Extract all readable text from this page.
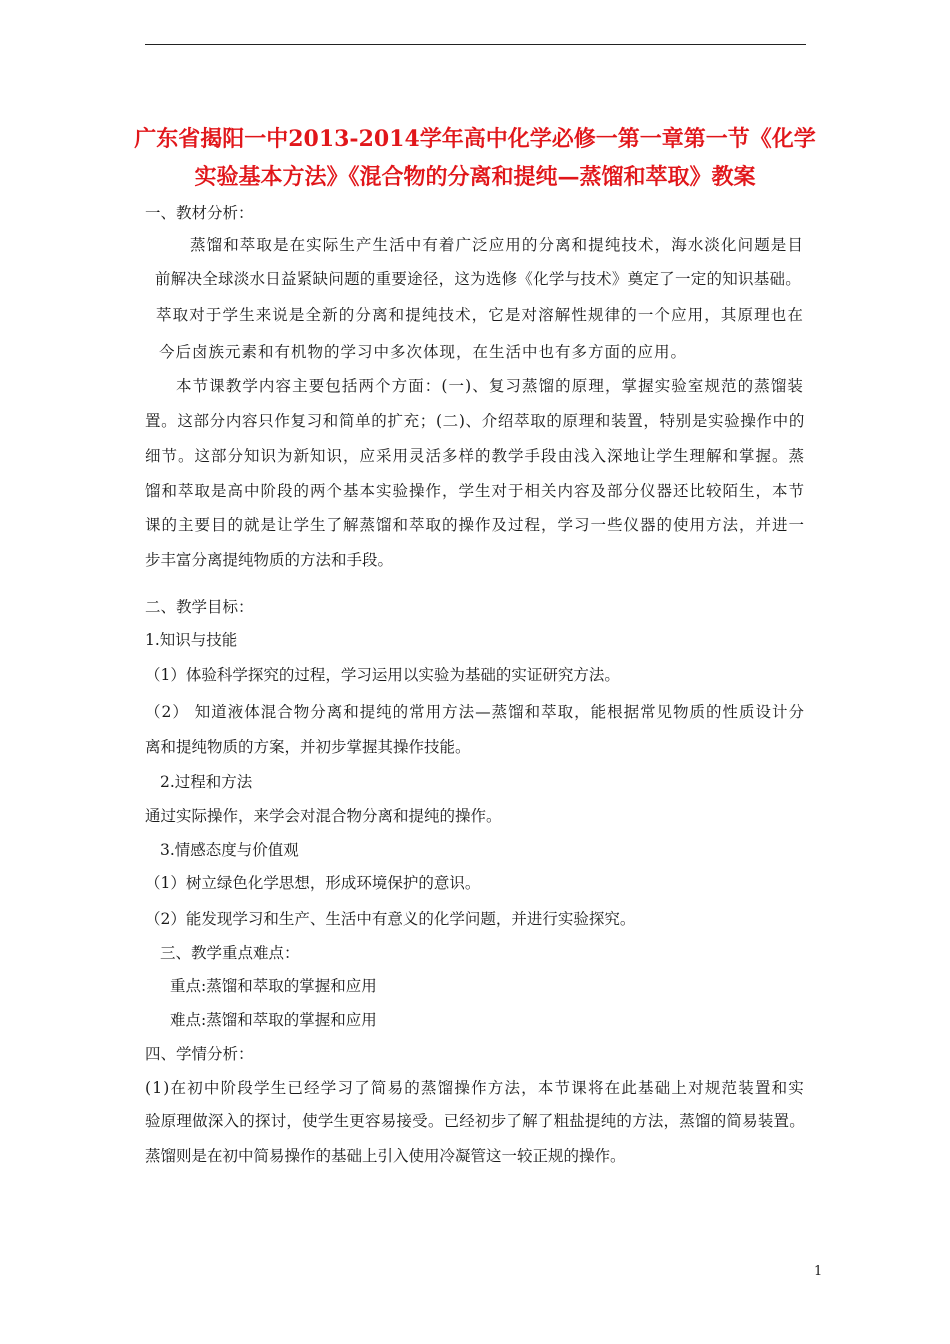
广东省揭阳一中2013-2014学年高中化学必修一第一章第一节《化学
实验基本方法》《混合物的分离和提纯—蒸馏和萃取》教案
一、教材分析：
蒸馏和萃取是在实际生产生活中有着广泛应用的分离和提纯技术，海水淡化问题是目
前解决全球淡水日益紧缺问题的重要途径，这为选修《化学与技术》奠定了一定的知识基础。
萃取对于学生来说是全新的分离和提纯技术，它是对溶解性规律的一个应用，其原理也在
今后卤族元素和有机物的学习中多次体现，在生活中也有多方面的应用。
本节课教学内容主要包括两个方面：(一)、复习蒸馏的原理，掌握实验室规范的蒸馏装
置。这部分内容只作复习和简单的扩充；(二)、介绍萃取的原理和装置，特别是实验操作中的
细节。这部分知识为新知识，应采用灵活多样的教学手段由浅入深地让学生理解和掌握。蒸
馏和萃取是高中阶段的两个基本实验操作，学生对于相关内容及部分仪器还比较陌生，本节
课的主要目的就是让学生了解蒸馏和萃取的操作及过程，学习一些仪器的使用方法，并进一
步丰富分离提纯物质的方法和手段。
二、教学目标：
1.知识与技能
（1）体验科学探究的过程，学习运用以实验为基础的实证研究方法。
（2） 知道液体混合物分离和提纯的常用方法—蒸馏和萃取，能根据常见物质的性质设计分
离和提纯物质的方案，并初步掌握其操作技能。
2.过程和方法
通过实际操作，来学会对混合物分离和提纯的操作。
3.情感态度与价值观
（1）树立绿色化学思想，形成环境保护的意识。
（2）能发现学习和生产、生活中有意义的化学问题，并进行实验探究。
三、教学重点难点：
重点:蒸馏和萃取的掌握和应用
难点:蒸馏和萃取的掌握和应用
四、学情分析：
(1)在初中阶段学生已经学习了简易的蒸馏操作方法，本节课将在此基础上对规范装置和实
验原理做深入的探讨，使学生更容易接受。已经初步了解了粗盐提纯的方法，蒸馏的简易装置。
蒸馏则是在初中简易操作的基础上引入使用冷凝管这一较正规的操作。
1
